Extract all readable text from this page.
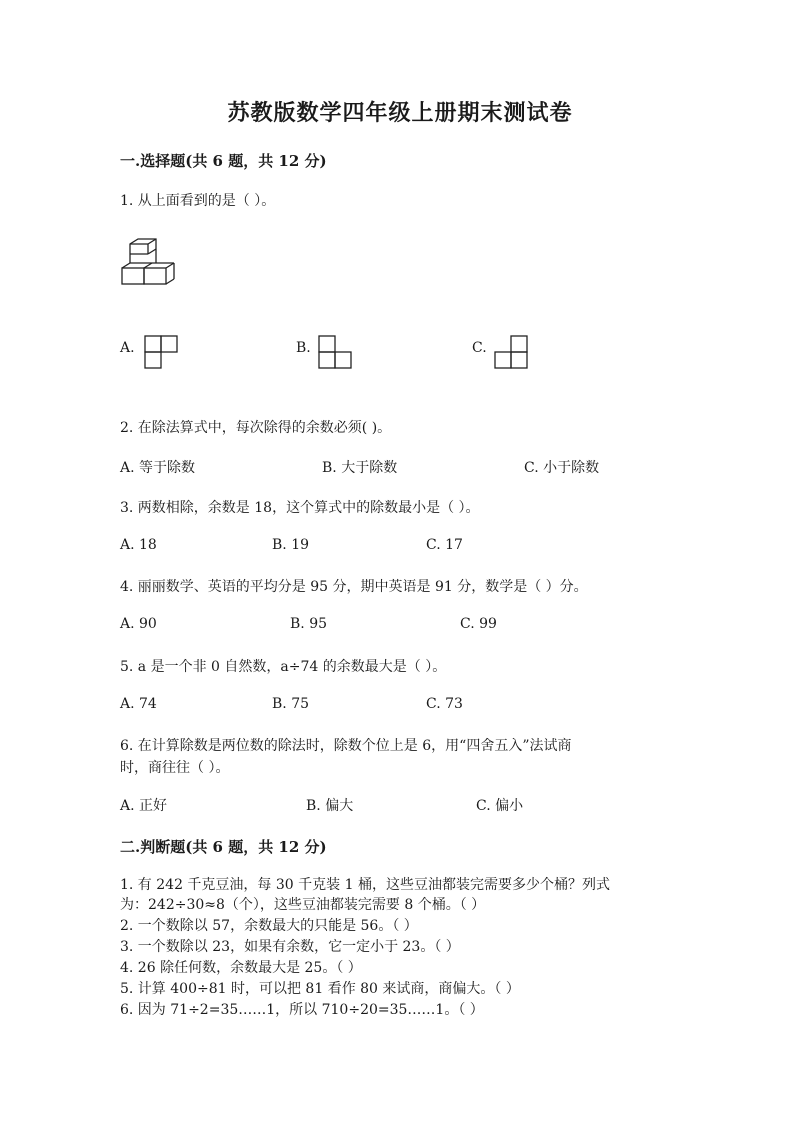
苏教版数学四年级上册期末测试卷
一.选择题(共 6 题，共 12 分)
1. 从上面看到的是（ ）。
A.	B.	C.
2. 在除法算式中，每次除得的余数必须( )。
A. 等于除数	B. 大于除数	C. 小于除数
3. 两数相除，余数是 18，这个算式中的除数最小是（ ）。
A. 18	B. 19	C. 17
4. 丽丽数学、英语的平均分是 95 分，期中英语是 91 分，数学是（ ）分。
A. 90	B. 95	C. 99
5. a 是一个非 0 自然数，a÷74 的余数最大是（ ）。
A. 74	B. 75	C. 73
6. 在计算除数是两位数的除法时，除数个位上是 6，用“四舍五入”法试商
时，商往往（ ）。
A. 正好	B. 偏大	C. 偏小
二.判断题(共 6 题，共 12 分)
1. 有 242 千克豆油，每 30 千克装 1 桶，这些豆油都装完需要多少个桶？列式
为：242÷30≈8（个），这些豆油都装完需要 8 个桶。（ ）
2. 一个数除以 57，余数最大的只能是 56。（ ）
3. 一个数除以 23，如果有余数，它一定小于 23。（ ）
4. 26 除任何数，余数最大是 25。（ ）
5. 计算 400÷81 时，可以把 81 看作 80 来试商，商偏大。（ ）
6. 因为 71÷2=35……1，所以 710÷20=35……1。（ ）
